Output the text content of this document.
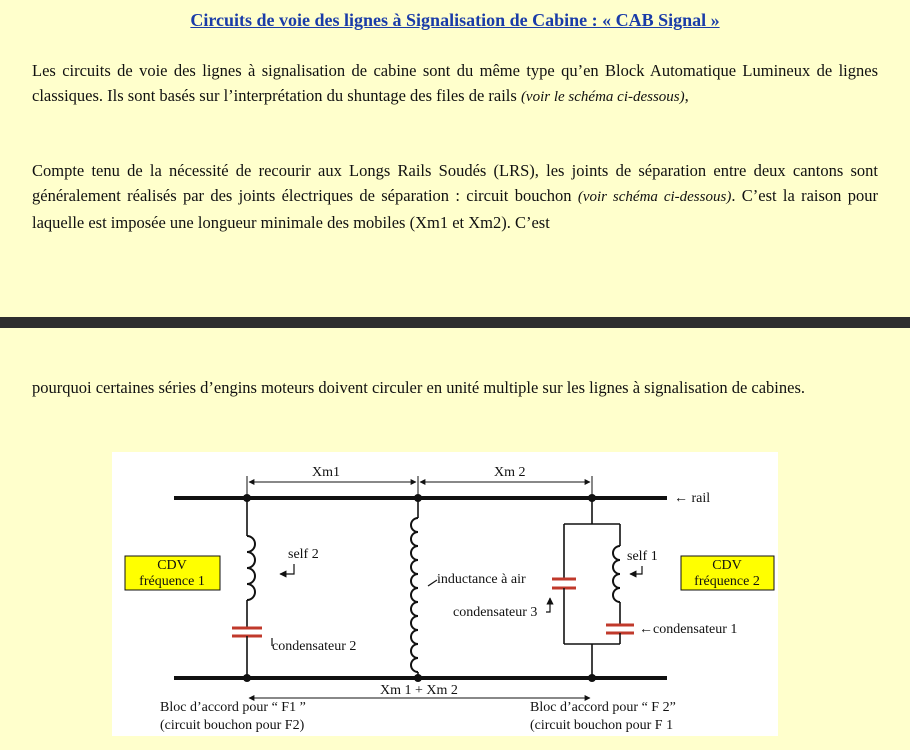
Circuits de voie des lignes à Signalisation de Cabine : « CAB Signal »
Les circuits de voie des lignes à signalisation de cabine sont du même type qu’en Block Automatique Lumineux de lignes classiques. Ils sont basés sur l’interprétation du shuntage des files de rails (voir le schéma ci-dessous),
Compte tenu de la nécessité de recourir aux Longs Rails Soudés (LRS), les joints de séparation entre deux cantons sont généralement réalisés par des joints électriques de séparation : circuit bouchon (voir schéma ci-dessous). C’est la raison pour laquelle est imposée une longueur minimale des mobiles (Xm1 et Xm2). C’est
pourquoi certaines séries d’engins moteurs doivent circuler en unité multiple sur les lignes à signalisation de cabines.
Xm1	Xm 2
← rail
self 2
condensateur 2
CDV
fréquence 1	inductance à air
self 1
condensateur 3
←condensateur 1
CDV
fréquence 2
Xm 1 + Xm 2
Bloc d’accord pour “ F1 ”
(circuit bouchon pour F2)
Bloc d’accord pour “ F 2”
(circuit bouchon pour F 1
